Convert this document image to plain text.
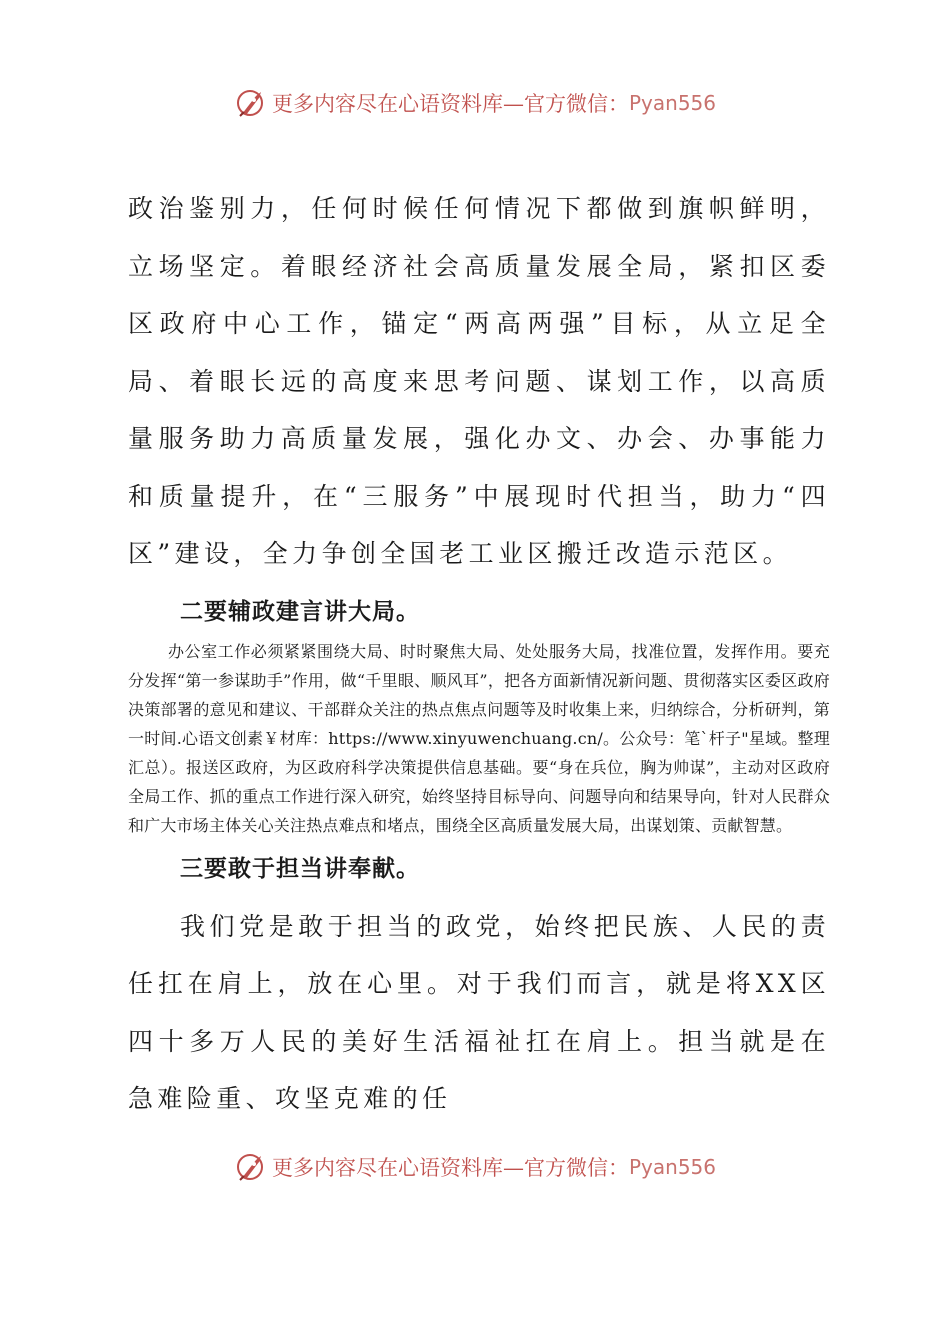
更多内容尽在心语资料库—官方微信： Pyan556

政治鉴别力，任何时候任何情况下都做到旗帜鲜明，立场坚定。着眼经济社会高质量发展全局，紧扣区委区政府中心工作，锚定“两高两强”目标，从立足全局、着眼长远的高度来思考问题、谋划工作，以高质量服务助力高质量发展，强化办文、办会、办事能力和质量提升，在“三服务”中展现时代担当，助力“四区”建设，全力争创全国老工业区搬迁改造示范区。

二要辅政建言讲大局。

办公室工作必须紧紧围绕大局、时时聚焦大局、处处服务大局，找准位置，发挥作用。要充分发挥“第一参谋助手”作用，做“千里眼、顺风耳”，把各方面新情况新问题、贯彻落实区委区政府决策部署的意见和建议、干部群众关注的热点焦点问题等及时收集上来，归纳综合，分析研判，第一时间.心语文创素￥材库：https://www.xinyuwenchuang.cn/。公众号：笔`杆子"星域。整理汇总）。报送区政府，为区政府科学决策提供信息基础。要“身在兵位，胸为帅谋”，主动对区政府全局工作、抓的重点工作进行深入研究，始终坚持目标导向、问题导向和结果导向，针对人民群众和广大市场主体关心关注热点难点和堵点，围绕全区高质量发展大局，出谋划策、贡献智慧。

三要敢于担当讲奉献。

我们党是敢于担当的政党，始终把民族、人民的责任扛在肩上，放在心里。对于我们而言，就是将XX区四十多万人民的美好生活福祉扛在肩上。担当就是在急难险重、攻坚克难的任

更多内容尽在心语资料库—官方微信： Pyan556
